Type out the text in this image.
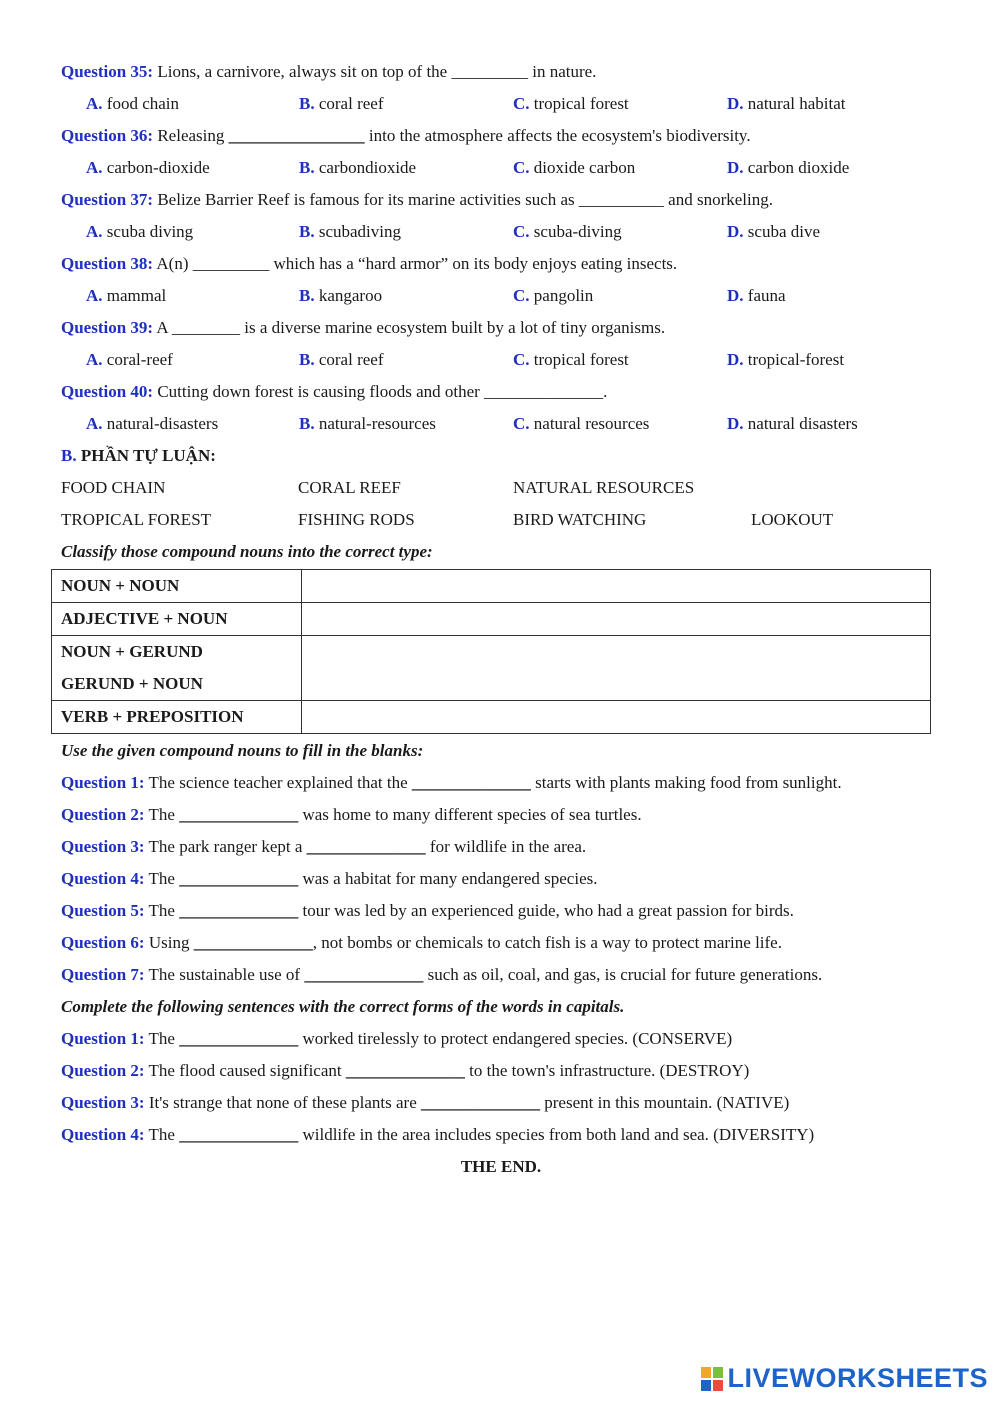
Question 35: Lions, a carnivore, always sit on top of the _________ in nature.
A. food chain	B. coral reef	C. tropical forest	D. natural habitat
Question 36: Releasing ________________ into the atmosphere affects the ecosystem's biodiversity.
A. carbon-dioxide	B. carbondioxide	C. dioxide carbon	D. carbon dioxide
Question 37: Belize Barrier Reef is famous for its marine activities such as __________ and snorkeling.
A. scuba diving	B. scubadiving	C. scuba-diving	D. scuba dive
Question 38: A(n) _________ which has a “hard armor” on its body enjoys eating insects.
A. mammal	B. kangaroo	C. pangolin	D. fauna
Question 39: A ________ is a diverse marine ecosystem built by a lot of tiny organisms.
A. coral-reef	B. coral reef	C. tropical forest	D. tropical-forest
Question 40: Cutting down forest is causing floods and other ______________.
A. natural-disasters	B. natural-resources	C. natural resources	D. natural disasters
B. PHẦN TỰ LUẬN:
FOOD CHAIN	CORAL REEF	NATURAL RESOURCES
TROPICAL FOREST	FISHING RODS	BIRD WATCHING	LOOKOUT
Classify those compound nouns into the correct type:
NOUN + NOUN	
ADJECTIVE + NOUN	

NOUN + GERUND
GERUND + NOUN	

VERB + PREPOSITION	
Use the given compound nouns to fill in the blanks:
Question 1: The science teacher explained that the ______________ starts with plants making food from sunlight.
Question 2: The ______________ was home to many different species of sea turtles.
Question 3: The park ranger kept a ______________ for wildlife in the area.
Question 4: The ______________ was a habitat for many endangered species.
Question 5: The ______________ tour was led by an experienced guide, who had a great passion for birds.
Question 6: Using ______________, not bombs or chemicals to catch fish is a way to protect marine life.
Question 7: The sustainable use of ______________ such as oil, coal, and gas, is crucial for future generations.
Complete the following sentences with the correct forms of the words in capitals.
Question 1: The ______________ worked tirelessly to protect endangered species. (CONSERVE)
Question 2: The flood caused significant ______________ to the town's infrastructure. (DESTROY)
Question 3: It's strange that none of these plants are ______________ present in this mountain. (NATIVE)
Question 4: The ______________ wildlife in the area includes species from both land and sea. (DIVERSITY)
THE END.
LIVEWORKSHEETS
